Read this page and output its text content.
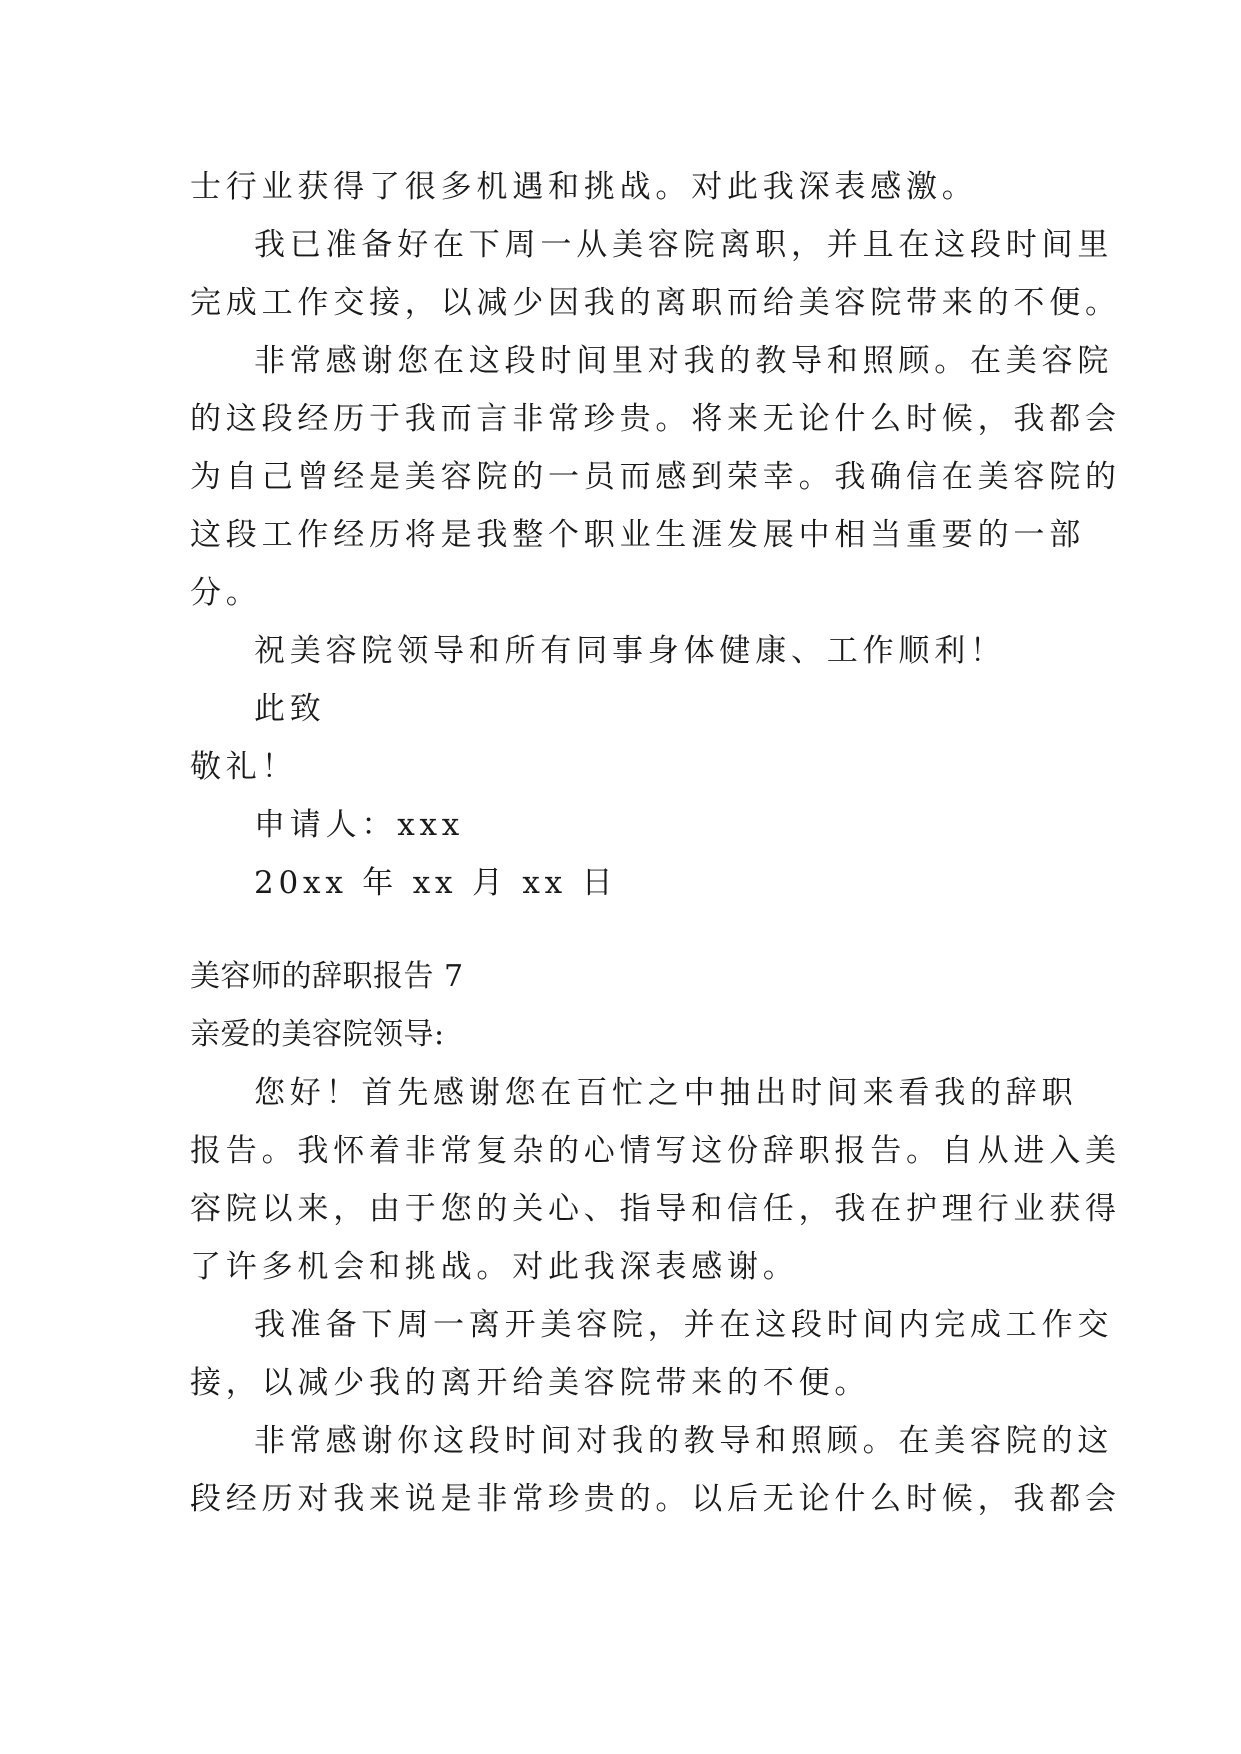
士行业获得了很多机遇和挑战。对此我深表感激。
我已准备好在下周一从美容院离职，并且在这段时间里
完成工作交接，以减少因我的离职而给美容院带来的不便。
非常感谢您在这段时间里对我的教导和照顾。在美容院
的这段经历于我而言非常珍贵。将来无论什么时候，我都会
为自己曾经是美容院的一员而感到荣幸。我确信在美容院的
这段工作经历将是我整个职业生涯发展中相当重要的一部
分。
祝美容院领导和所有同事身体健康、工作顺利！
此致
敬礼！
申请人：xxx
20xx 年 xx 月 xx 日
美容师的辞职报告 7
亲爱的美容院领导:
您好！首先感谢您在百忙之中抽出时间来看我的辞职
报告。我怀着非常复杂的心情写这份辞职报告。自从进入美
容院以来，由于您的关心、指导和信任，我在护理行业获得
了许多机会和挑战。对此我深表感谢。
我准备下周一离开美容院，并在这段时间内完成工作交
接，以减少我的离开给美容院带来的不便。
非常感谢你这段时间对我的教导和照顾。在美容院的这
段经历对我来说是非常珍贵的。以后无论什么时候，我都会
